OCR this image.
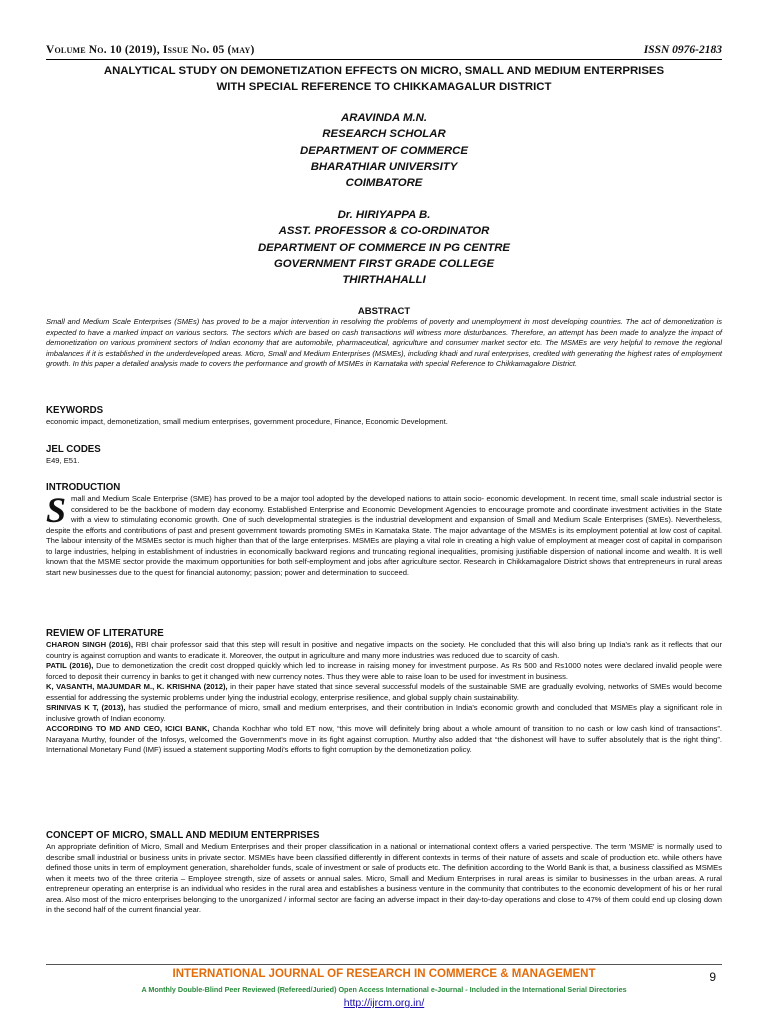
Volume No. 10 (2019), Issue No. 05 (may)	ISSN 0976-2183
ANALYTICAL STUDY ON DEMONETIZATION EFFECTS ON MICRO, SMALL AND MEDIUM ENTERPRISES
WITH SPECIAL REFERENCE TO CHIKKAMAGALUR DISTRICT
ARAVINDA M.N.
RESEARCH SCHOLAR
DEPARTMENT OF COMMERCE
BHARATHIAR UNIVERSITY
COIMBATORE
Dr. HIRIYAPPA B.
ASST. PROFESSOR & CO-ORDINATOR
DEPARTMENT OF COMMERCE IN PG CENTRE
GOVERNMENT FIRST GRADE COLLEGE
THIRTHAHALLI
ABSTRACT
Small and Medium Scale Enterprises (SMEs) has proved to be a major intervention in resolving the problems of poverty and unemployment in most developing countries. The act of demonetization is expected to have a marked impact on various sectors. The sectors which are based on cash transactions will witness more disturbances. Therefore, an attempt has been made to analyze the impact of demonetization on various prominent sectors of Indian economy that are automobile, pharmaceutical, agriculture and consumer market sector etc. The MSMEs are very helpful to remove the regional imbalances if it is established in the underdeveloped areas. Micro, Small and Medium Enterprises (MSMEs), including khadi and rural enterprises, credited with generating the highest rates of employment growth. In this paper a detailed analysis made to covers the performance and growth of MSMEs in Karnataka with special Reference to Chikkamagalore District.
KEYWORDS
economic impact, demonetization, small medium enterprises, government procedure, Finance, Economic Development.
JEL CODES
E49, E51.
INTRODUCTION
Small and Medium Scale Enterprise (SME) has proved to be a major tool adopted by the developed nations to attain socio- economic development. In recent time, small scale industrial sector is considered to be the backbone of modern day economy. Established Enterprise and Economic Development Agencies to encourage promote and coordinate investment activities in the State with a view to stimulating economic growth. One of such developmental strategies is the industrial development and expansion of Small and Medium Scale Enterprises (SMEs). Nevertheless, despite the efforts and contributions of past and present government towards promoting SMEs in Karnataka State. The major advantage of the MSMEs is its employment potential at low cost of capital. The labour intensity of the MSMEs sector is much higher than that of the large enterprises. MSMEs are playing a vital role in creating a high value of employment at meager cost of capital in comparison to large industries, helping in establishment of industries in economically backward regions and truncating regional inequalities, promising justifiable dispersion of national income and wealth. It is well known that the MSME sector provide the maximum opportunities for both self-employment and jobs after agriculture sector. Research in Chikkamagalore District shows that entrepreneurs in rural areas start new businesses due to the quest for financial autonomy; passion; power and determination to succeed.
REVIEW OF LITERATURE
CHARON SINGH (2016), RBI chair professor said that this step will result in positive and negative impacts on the society. He concluded that this will also bring up India's rank as it reflects that our country is against corruption and wants to eradicate it. Moreover, the output in agriculture and many more industries was reduced due to scarcity of cash.
PATIL (2016), Due to demonetization the credit cost dropped quickly which led to increase in raising money for investment purpose. As Rs 500 and Rs1000 notes were declared invalid people were forced to deposit their currency in banks to get it changed with new currency notes. Thus they were able to raise loan to be used for investment in business.
K, VASANTH, MAJUMDAR M., K. KRISHNA (2012), in their paper have stated that since several successful models of the sustainable SME are gradually evolving, networks of SMEs would become essential for addressing the systemic problems under lying the industrial ecology, enterprise resilience, and global supply chain sustainability.
SRINIVAS K T, (2013), has studied the performance of micro, small and medium enterprises, and their contribution in India's economic growth and concluded that MSMEs play a significant role in inclusive growth of Indian economy.
ACCORDING TO MD AND CEO, ICICI BANK, Chanda Kochhar who told ET now, “this move will definitely bring about a whole amount of transition to no cash or low cash kind of transactions”. Narayana Murthy, founder of the Infosys, welcomed the Government's move in its fight against corruption. Murthy also added that “the dishonest will have to suffer absolutely that is the right thing”. International Monetary Fund (IMF) issued a statement supporting Modi's efforts to fight corruption by the demonetization policy.
CONCEPT OF MICRO, SMALL AND MEDIUM ENTERPRISES
An appropriate definition of Micro, Small and Medium Enterprises and their proper classification in a national or international context offers a varied perspective. The term 'MSME' is normally used to describe small industrial or business units in private sector. MSMEs have been classified differently in different contexts in terms of their nature of assets and scale of production etc. while others have defined those units in term of employment generation, shareholder funds, scale of investment or sale of products etc. The definition according to the World Bank is that, a business classified as MSMEs when it meets two of the three criteria – Employee strength, size of assets or annual sales. Micro, Small and Medium Enterprises in rural areas is similar to businesses in the urban areas. A rural entrepreneur operating an enterprise is an individual who resides in the rural area and establishes a business venture in the community that contributes to the economic development of his or her rural area. Also most of the micro enterprises belonging to the unorganized / informal sector are facing an adverse impact in their day-to-day operations and close to 47% of them could end up closing down in the second half of the current financial year.
INTERNATIONAL JOURNAL OF RESEARCH IN COMMERCE & MANAGEMENT
A Monthly Double-Blind Peer Reviewed (Refereed/Juried) Open Access International e-Journal - Included in the International Serial Directories
http://ijrcm.org.in/
9
